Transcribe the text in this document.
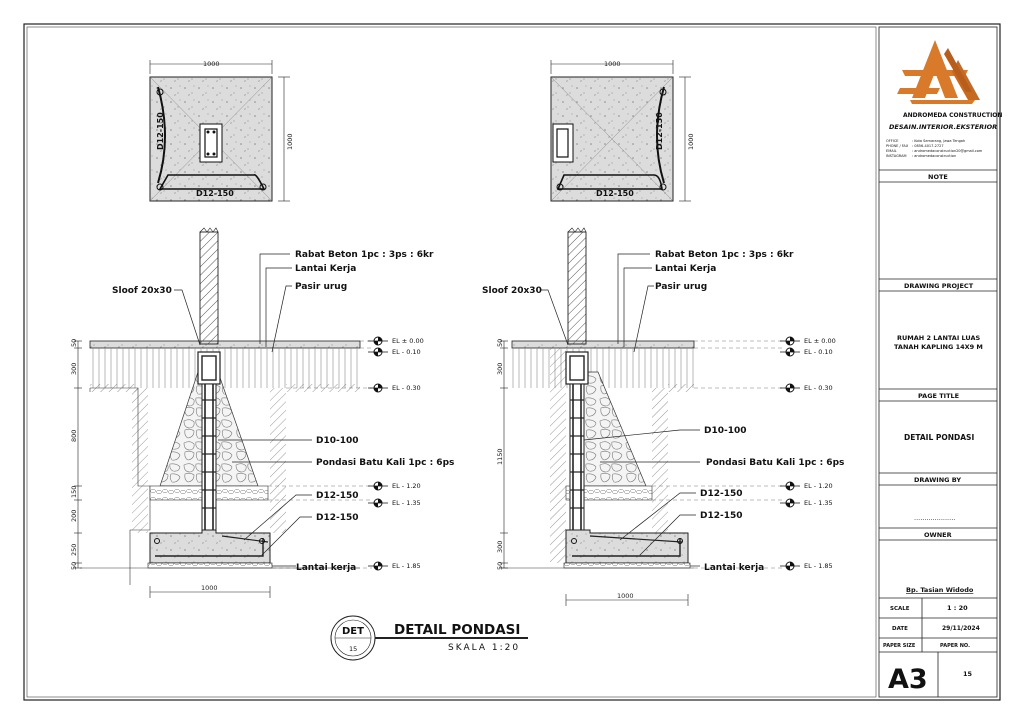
D12-150
D12-150
1000
1000	D12-150
D12-150
1000
1000
50
300
800
150
200
250
50
1000
Rabat Beton 1pc : 3ps : 6kr
Lantai Kerja
Pasir urug
Sloof 20x30
D10-100
Pondasi Batu Kali 1pc : 6ps
D12-150
D12-150
Lantai kerja
50
300
1150
300
50
1000
Rabat Beton 1pc : 3ps : 6kr
Lantai Kerja
Pasir urug
Sloof 20x30
D10-100
Pondasi Batu Kali 1pc : 6ps
D12-150
D12-150
Lantai kerja
EL ± 0.00
EL - 0.10
EL - 0.30
EL - 1.20
EL - 1.35
EL - 1.85
EL ± 0.00
EL - 0.10
EL - 0.30
EL - 1.20
EL - 1.35
EL - 1.85
DET
15
DETAIL PONDASI
SKALA 1:20
ANDROMEDA CONSTRUCTION
DESAIN.INTERIOR.EKSTERIOR
OFFICE	: Kota Semarang, Jawa Tengah
PHONE / FAX : 0856-4017-2727
EMAIL	: andromedaconstruction20@gmail.com
INSTAGRAM : andromedaconstruction
NOTE
DRAWING PROJECT
RUMAH 2 LANTAI LUAS
TANAH KAPLING 14X9 M
PAGE TITLE
DETAIL PONDASI
DRAWING BY
....................
OWNER
Bp. Tasian Widodo
SCALE	1 : 20
DATE	29/11/2024
PAPER SIZE	PAPER NO.
A3	15
